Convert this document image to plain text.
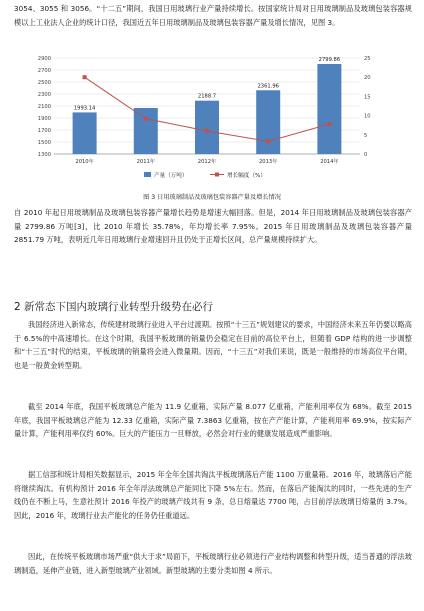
3054、3055 和 3056。“十二五”期间，我国日用玻璃行业产量持续增长。按国家统计局对日用玻璃制品及玻璃包装容器规模以上工业法人企业的统计口径，我国近五年日用玻璃制品及玻璃包装容器产量及增长情况，见图 3。

1300
1500
1700
1900
2100
2300
2500
2700
2900
0
5
10
15
20
25
1993.14
2188.7
2361.96
2799.86
2010年	2011年	2012年	2013年	2014年
产量（万吨）	增长幅度（%）
图 3 日用玻璃制品及玻璃包装容器产量及增长情况

自 2010 年起日用玻璃制品及玻璃包装容器产量增长趋势是增速大幅回落。但是，2014 年日用玻璃制品及玻璃包装容器产量 2799.86 万吨[3]，比 2010 年增长 35.78%，年均增长率 7.95%。2015 年日用玻璃制品及玻璃包装容器产量 2851.79 万吨，表明近几年日用玻璃行业增速回升且仍处于正增长区间，总产量规模持续扩大。

2 新常态下国内玻璃行业转型升级势在必行

我国经济进入新常态，传统建材玻璃行业进入平台过渡期。按照“十三五”规划建议的要求，中国经济未来五年仍要以略高于 6.5%的中高速增长。在这个时期，我国平板玻璃的销量仍会稳定在目前的高位平台上，但随着 GDP 结构的进一步调整和“十三五”时代的结束，平板玻璃的销量将会进入微量期。因而，“十三五”对我们来说，既是一般维持的市场高位平台期，也是一般黄金转型期。

截至 2014 年底，我国平板玻璃总产能为 11.9 亿重箱，实际产量 8.077 亿重箱，产能利用率仅为 68%。截至 2015 年底，我国平板玻璃总产能为 12.33 亿重箱，实际产量 7.3863 亿重箱，按在产产能计算，产能利用率 69.9%，按实际产量计算，产能利用率仅约 60%。巨大的产能压力一旦释放，必然会对行业的健康发展造成严重影响。

据工信部和统计局相关数据显示，2015 年全年全国共淘汰平板玻璃落后产能 1100 万重量箱。2016 年，玻璃落后产能将继续淘汰。有机构预计 2016 年全年浮法玻璃总产能同比下降 5%左右。然而，在落后产能淘汰的同时，一些先进的生产线仍在不断上马，生意社预计 2016 年投产的玻璃产线共有 9 条，总日熔量达 7700 吨，占目前浮法玻璃日熔量的 3.7%。因此，2016 年，玻璃行业去产能化的任务仍任重道远。

因此，在传统平板玻璃市场严重“供大于求”局面下，平板玻璃行业必须进行产业结构调整和转型升级，适当普通的浮法玻璃制造，延伸产业链，进入新型玻璃产业领域。新型玻璃的主要分类如图 4 所示。
